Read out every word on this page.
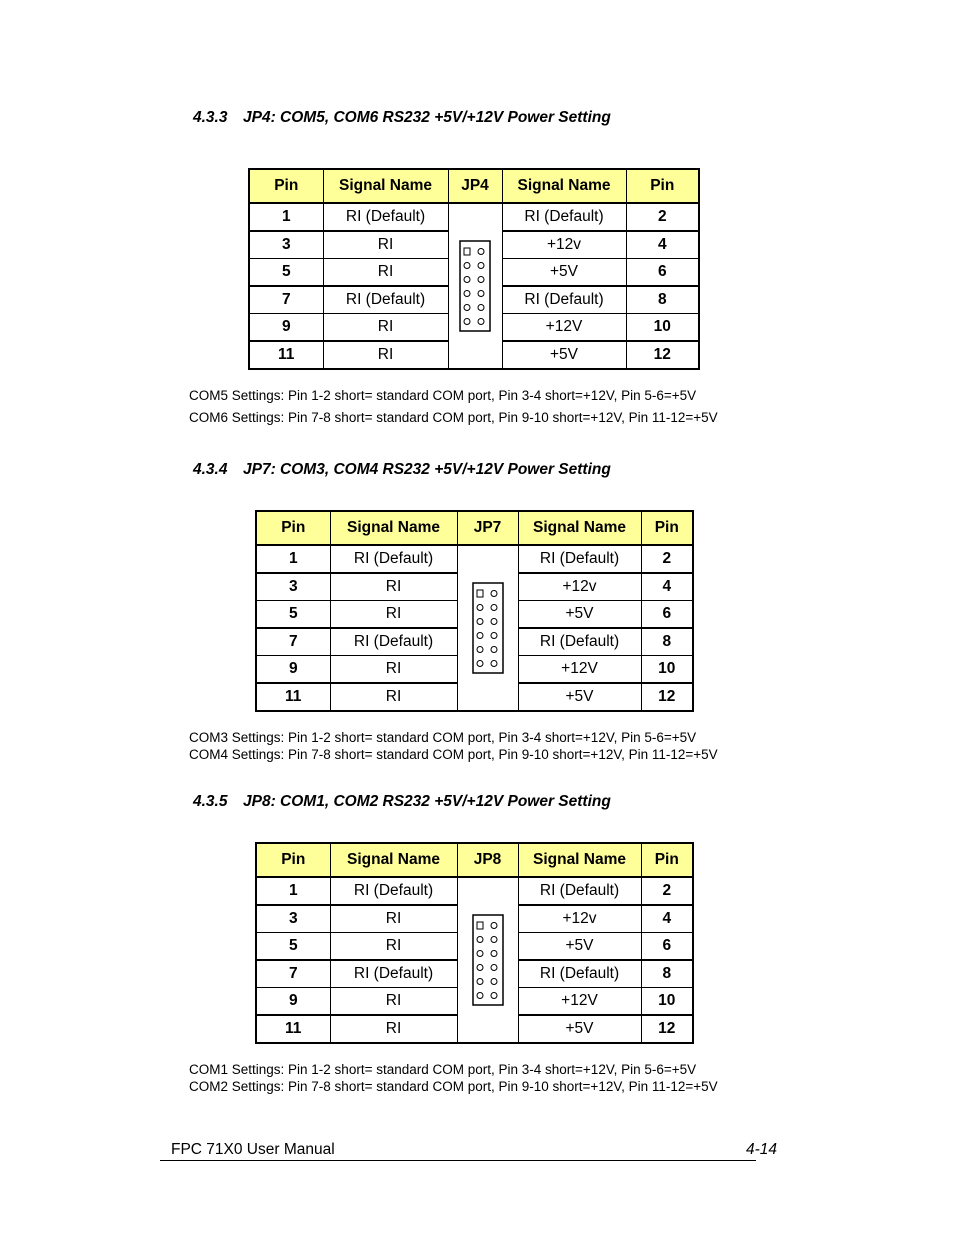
4.3.3 JP4: COM5, COM6 RS232 +5V/+12V Power Setting
Pin	Signal Name	JP4	Signal Name	Pin
1	RI (Default)		RI (Default)	2
3	RI		+12v	4
5	RI		+5V	6
7	RI (Default)		RI (Default)	8
9	RI		+12V	10
11	RI		+5V	12
COM5 Settings: Pin 1-2 short= standard COM port, Pin 3-4 short=+12V, Pin 5-6=+5V
COM6 Settings: Pin 7-8 short= standard COM port, Pin 9-10 short=+12V, Pin 11-12=+5V
4.3.4 JP7: COM3, COM4 RS232 +5V/+12V Power Setting
Pin	Signal Name	JP7	Signal Name	Pin
1	RI (Default)		RI (Default)	2
3	RI		+12v	4
5	RI		+5V	6
7	RI (Default)		RI (Default)	8
9	RI		+12V	10
11	RI		+5V	12
COM3 Settings: Pin 1-2 short= standard COM port, Pin 3-4 short=+12V, Pin 5-6=+5V
COM4 Settings: Pin 7-8 short= standard COM port, Pin 9-10 short=+12V, Pin 11-12=+5V
4.3.5 JP8: COM1, COM2 RS232 +5V/+12V Power Setting
Pin	Signal Name	JP8	Signal Name	Pin
1	RI (Default)		RI (Default)	2
3	RI		+12v	4
5	RI		+5V	6
7	RI (Default)		RI (Default)	8
9	RI		+12V	10
11	RI		+5V	12
COM1 Settings: Pin 1-2 short= standard COM port, Pin 3-4 short=+12V, Pin 5-6=+5V
COM2 Settings: Pin 7-8 short= standard COM port, Pin 9-10 short=+12V, Pin 11-12=+5V
FPC 71X0 User Manual	4-14
